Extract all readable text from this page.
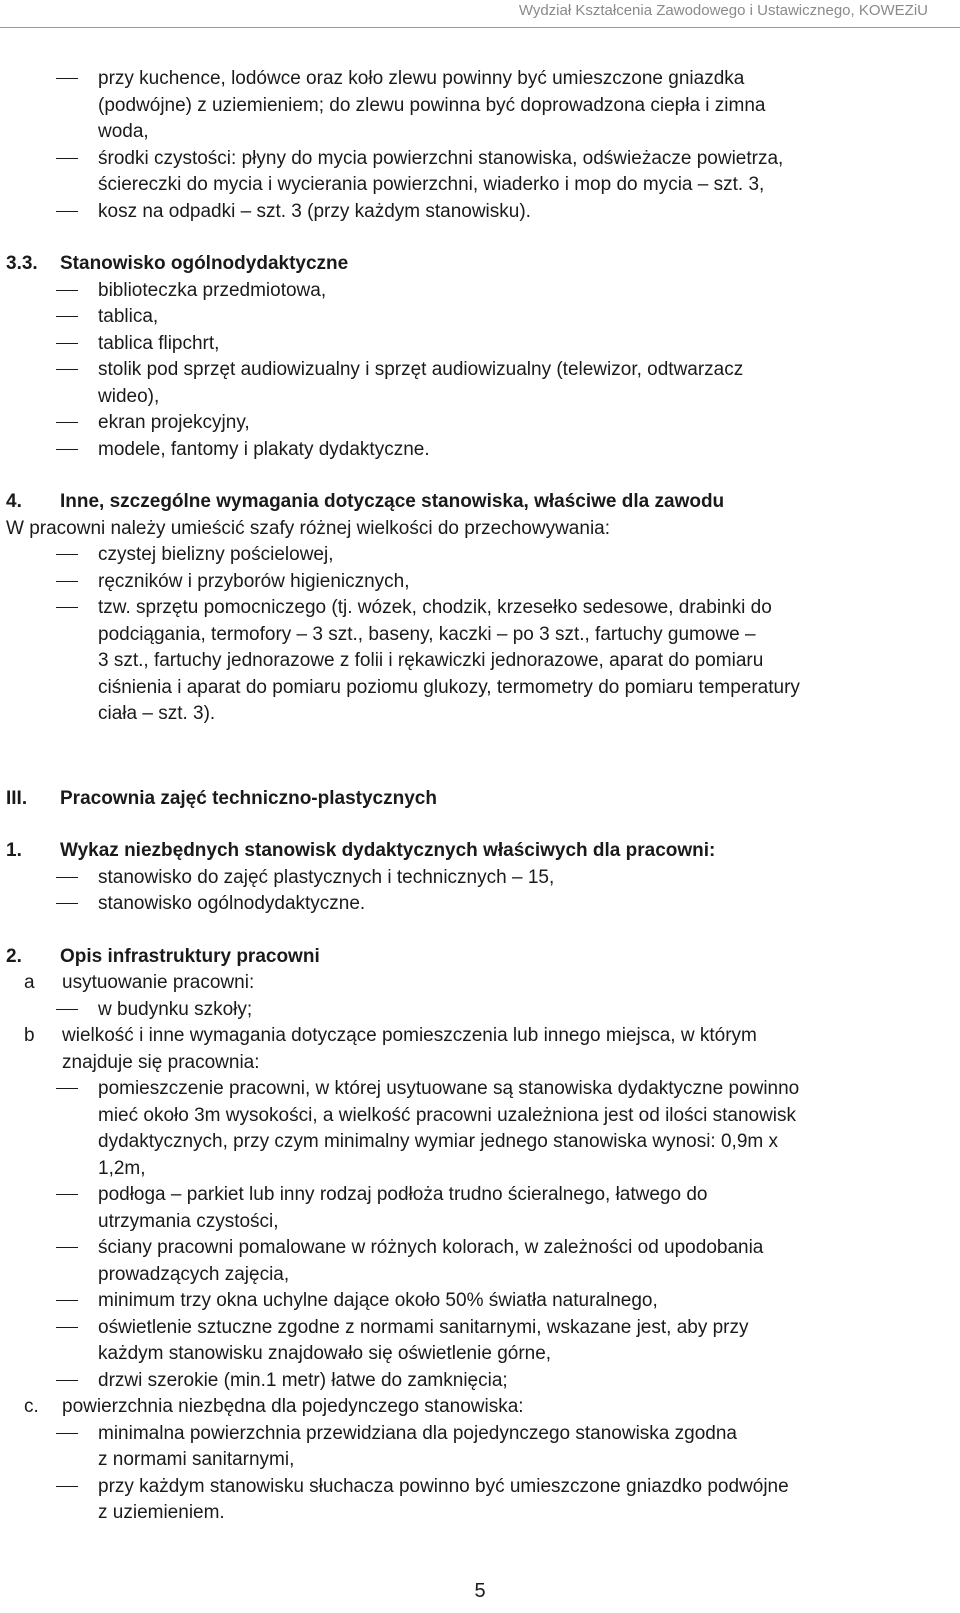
Wydział Kształcenia Zawodowego i Ustawicznego, KOWEZiU
przy kuchence, lodówce oraz koło zlewu powinny być umieszczone gniazdka
(podwójne) z uziemieniem; do zlewu powinna być doprowadzona ciepła i zimna
woda,
środki czystości: płyny do mycia powierzchni stanowiska, odświeżacze powietrza,
ściereczki do mycia i wycierania powierzchni, wiaderko i mop do mycia – szt. 3,
kosz na odpadki – szt. 3 (przy każdym stanowisku).
3.3. Stanowisko ogólnodydaktyczne
biblioteczka przedmiotowa,
tablica,
tablica flipchrt,
stolik pod sprzęt audiowizualny i sprzęt audiowizualny (telewizor, odtwarzacz
wideo),
ekran projekcyjny,
modele, fantomy i plakaty dydaktyczne.
4. Inne, szczególne wymagania dotyczące stanowiska, właściwe dla zawodu
W pracowni należy umieścić szafy różnej wielkości do przechowywania:
czystej bielizny pościelowej,
ręczników i przyborów higienicznych,
tzw. sprzętu pomocniczego (tj. wózek, chodzik, krzesełko sedesowe, drabinki do
podciągania, termofory – 3 szt., baseny, kaczki – po 3 szt., fartuchy gumowe –
3 szt., fartuchy jednorazowe z folii i rękawiczki jednorazowe, aparat do pomiaru
ciśnienia i aparat do pomiaru poziomu glukozy, termometry do pomiaru temperatury
ciała – szt. 3).
III. Pracownia zajęć techniczno-plastycznych
1. Wykaz niezbędnych stanowisk dydaktycznych właściwych dla pracowni:
stanowisko do zajęć plastycznych i technicznych – 15,
stanowisko ogólnodydaktyczne.
2. Opis infrastruktury pracowni
a usytuowanie pracowni:
w budynku szkoły;
b wielkość i inne wymagania dotyczące pomieszczenia lub innego miejsca, w którym
znajduje się pracownia:
pomieszczenie pracowni, w której usytuowane są stanowiska dydaktyczne powinno
mieć około 3m wysokości, a wielkość pracowni uzależniona jest od ilości stanowisk
dydaktycznych, przy czym minimalny wymiar jednego stanowiska wynosi: 0,9m x
1,2m,
podłoga – parkiet lub inny rodzaj podłoża trudno ścieralnego, łatwego do
utrzymania czystości,
ściany pracowni pomalowane w różnych kolorach, w zależności od upodobania
prowadzących zajęcia,
minimum trzy okna uchylne dające około 50% światła naturalnego,
oświetlenie sztuczne zgodne z normami sanitarnymi, wskazane jest, aby przy
każdym stanowisku znajdowało się oświetlenie górne,
drzwi szerokie (min.1 metr) łatwe do zamknięcia;
c. powierzchnia niezbędna dla pojedynczego stanowiska:
minimalna powierzchnia przewidziana dla pojedynczego stanowiska zgodna
z normami sanitarnymi,
przy każdym stanowisku słuchacza powinno być umieszczone gniazdko podwójne
z uziemieniem.
5
